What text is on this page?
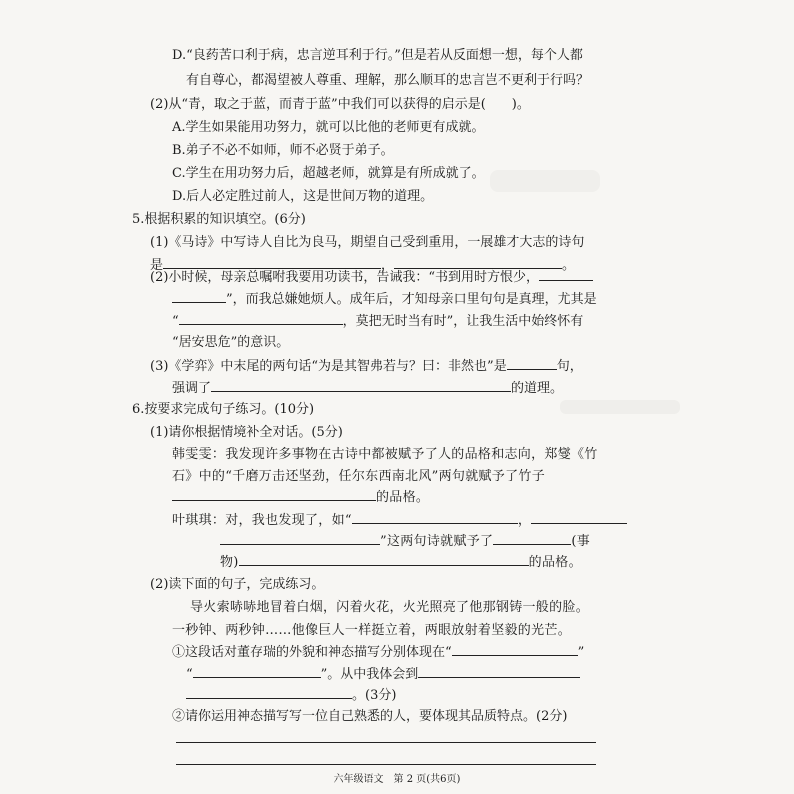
D.“良药苦口利于病，忠言逆耳利于行。”但是若从反面想一想，每个人都
有自尊心，都渴望被人尊重、理解，那么顺耳的忠言岂不更利于行吗？
(2)从“青，取之于蓝，而青于蓝”中我们可以获得的启示是(　　)。
A.学生如果能用功努力，就可以比他的老师更有成就。
B.弟子不必不如师，师不必贤于弟子。
C.学生在用功努力后，超越老师，就算是有所成就了。
D.后人必定胜过前人，这是世间万物的道理。
5.根据积累的知识填空。(6分)
(1)《马诗》中写诗人自比为良马，期望自己受到重用，一展雄才大志的诗句
是	，	。
(2)小时候，母亲总嘱咐我要用功读书，告诫我：“书到用时方恨少，
”，而我总嫌她烦人。成年后，才知母亲口里句句是真理，尤其是
“	，莫把无时当有时”，让我生活中始终怀有
“居安思危”的意识。
(3)《学弈》中末尾的两句话“为是其智弗若与？曰：非然也”是	句，
强调了	的道理。
6.按要求完成句子练习。(10分)
(1)请你根据情境补全对话。(5分)
韩雯雯：我发现许多事物在古诗中都被赋予了人的品格和志向，郑燮《竹
石》中的“千磨万击还坚劲，任尔东西南北风”两句就赋予了竹子
的品格。
叶琪琪：对，我也发现了，如“	，
”这两句诗就赋予了	(事
物)	的品格。
(2)读下面的句子，完成练习。
导火索哧哧地冒着白烟，闪着火花，火光照亮了他那钢铸一般的脸。
一秒钟、两秒钟……他像巨人一样挺立着，两眼放射着坚毅的光芒。
①这段话对董存瑞的外貌和神态描写分别体现在“	”
“	”。从中我体会到
。(3分)
②请你运用神态描写写一位自己熟悉的人，要体现其品质特点。(2分)
六年级语文　第 2 页(共6页)
